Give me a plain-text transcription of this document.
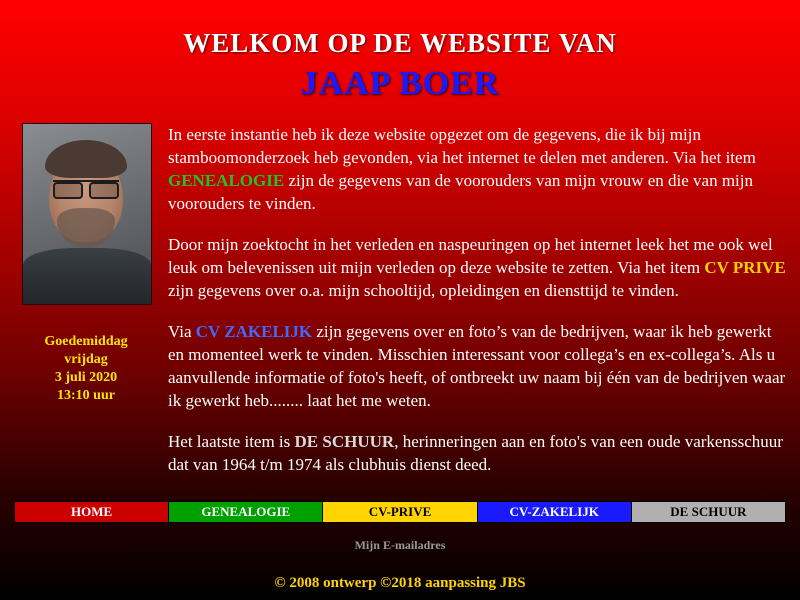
WELKOM OP DE WEBSITE VAN
JAAP BOER
Goedemiddag
vrijdag
3 juli 2020
13:10 uur

In eerste instantie heb ik deze website opgezet om de gegevens, die ik bij mijn stamboomonderzoek heb gevonden, via het internet te delen met anderen. Via het item GENEALOGIE zijn de gegevens van de voorouders van mijn vrouw en die van mijn voorouders te vinden.

Door mijn zoektocht in het verleden en naspeuringen op het internet leek het me ook wel leuk om belevenissen uit mijn verleden op deze website te zetten. Via het item CV PRIVE zijn gegevens over o.a. mijn schooltijd, opleidingen en diensttijd te vinden.

Via CV ZAKELIJK zijn gegevens over en foto’s van de bedrijven, waar ik heb gewerkt en momenteel werk te vinden. Misschien interessant voor collega’s en ex-collega’s. Als u aanvullende informatie of foto's heeft, of ontbreekt uw naam bij één van de bedrijven waar ik gewerkt heb........ laat het me weten.

Het laatste item is DE SCHUUR, herinneringen aan en foto's van een oude varkensschuur dat van 1964 t/m 1974 als clubhuis dienst deed.

HOME	GENEALOGIE	CV-PRIVE	CV-ZAKELIJK	DE SCHUUR
Mijn E-mailadres
© 2008 ontwerp ©2018 aanpassing JBS
